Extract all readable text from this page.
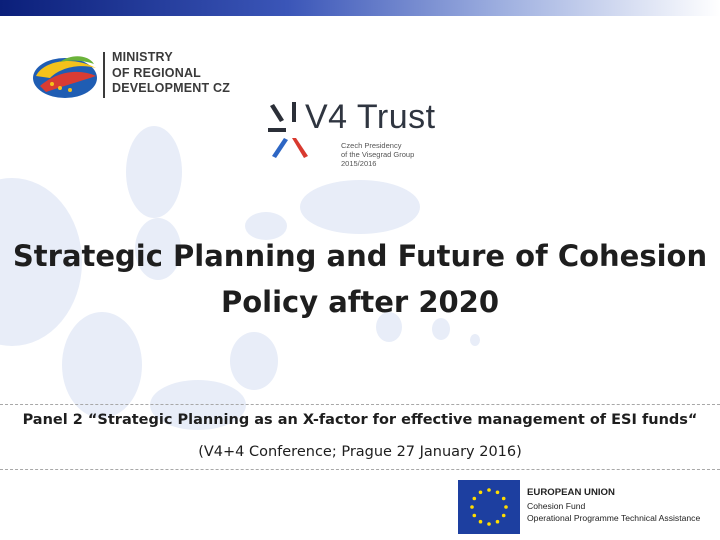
MINISTRY
OF REGIONAL
DEVELOPMENT CZ
V4 Trust
Czech Presidency
of the Visegrad Group
2015/2016
Strategic Planning and Future of Cohesion
Policy after 2020
Panel 2 “Strategic Planning as an X-factor for effective management of ESI funds“
(V4+4 Conference; Prague 27 January 2016)
EUROPEAN UNION
Cohesion Fund
Operational Programme Technical Assistance
